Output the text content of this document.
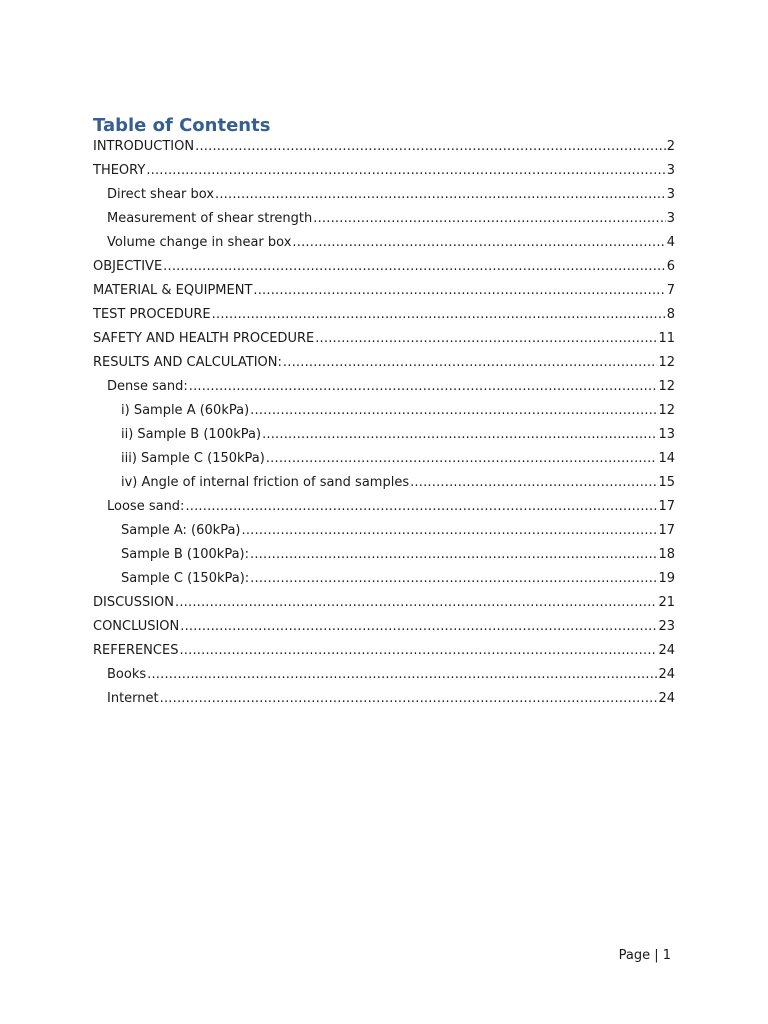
Table of Contents
INTRODUCTION .....	2
THEORY .....	3
Direct shear box .....	3
Measurement of shear strength .....	3
Volume change in shear box .....	4
OBJECTIVE .....	6
MATERIAL & EQUIPMENT .....	7
TEST PROCEDURE .....	8
SAFETY AND HEALTH PROCEDURE .....	11
RESULTS AND CALCULATION: .....	12
Dense sand: .....	12
i) Sample A (60kPa) .....	12
ii) Sample B (100kPa) .....	13
iii) Sample C (150kPa) .....	14
iv) Angle of internal friction of sand samples .....	15
Loose sand: .....	17
Sample A: (60kPa) .....	17
Sample B (100kPa): .....	18
Sample C (150kPa): .....	19
DISCUSSION .....	21
CONCLUSION .....	23
REFERENCES .....	24
Books .....	24
Internet .....	24
Page | 1
